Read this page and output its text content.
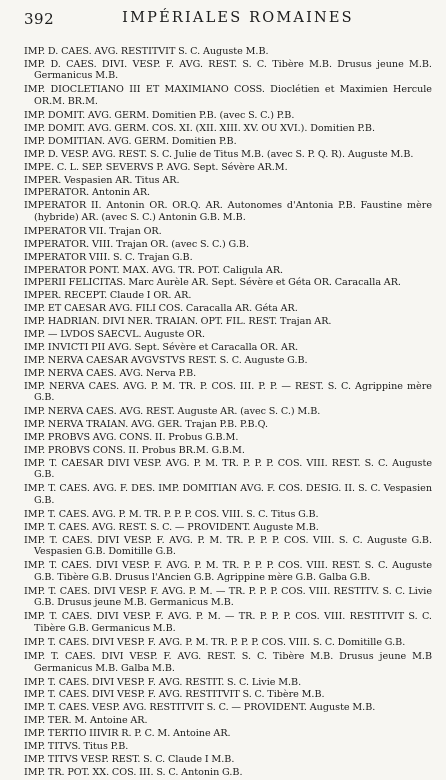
392	IMPÉRIALES ROMAINES

IMP. D. CAES. AVG. RESTITVIT S. C. Auguste M.B.

IMP. D. CAES. DIVI. VESP. F. AVG. REST. S. C. Tibère M.B. Drusus jeune M.B. Germanicus M.B.

IMP. DIOCLETIANO III ET MAXIMIANO COSS. Dioclétien et Maximien Hercule OR.M. BR.M.

IMP. DOMIT. AVG. GERM. Domitien P.B. (avec S. C.) P.B.

IMP. DOMIT. AVG. GERM. COS. XI. (XII. XIII. XV. OU XVI.). Domitien P.B.

IMP. DOMITIAN. AVG. GERM. Domitien P.B.

IMP. D. VESP. AVG. REST. S. C. Julie de Titus M.B. (avec S. P. Q. R). Auguste M.B.

IMPE. C. L. SEP. SEVERVS P. AVG. Sept. Sévère AR.M.

IMPER. Vespasien AR. Titus AR.

IMPERATOR. Antonin AR.

IMPERATOR II. Antonin OR. OR.Q. AR. Autonomes d'Antonia P.B. Faustine mère (hybride) AR. (avec S. C.) Antonin G.B. M.B.

IMPERATOR VII. Trajan OR.

IMPERATOR. VIII. Trajan OR. (avec S. C.) G.B.

IMPERATOR VIII. S. C. Trajan G.B.

IMPERATOR PONT. MAX. AVG. TR. POT. Caligula AR.

IMPERII FELICITAS. Marc Aurèle AR. Sept. Sévère et Géta OR. Caracalla AR.

IMPER. RECEPT. Claude I OR. AR.

IMP. ET CAESAR AVG. FILI COS. Caracalla AR. Géta AR.

IMP. HADRIAN. DIVI NER. TRAIAN. OPT. FIL. REST. Trajan AR.

IMP. — LVDOS SAECVL. Auguste OR.

IMP. INVICTI PII AVG. Sept. Sévère et Caracalla OR. AR.

IMP. NERVA CAESAR AVGVSTVS REST. S. C. Auguste G.B.

IMP. NERVA CAES. AVG. Nerva P.B.

IMP. NERVA CAES. AVG. P. M. TR. P. COS. III. P. P. — REST. S. C. Agrippine mère G.B.

IMP. NERVA CAES. AVG. REST. Auguste AR. (avec S. C.) M.B.

IMP. NERVA TRAIAN. AVG. GER. Trajan P.B. P.B.Q.

IMP. PROBVS AVG. CONS. II. Probus G.B.M.

IMP. PROBVS CONS. II. Probus BR.M. G.B.M.

IMP. T. CAESAR DIVI VESP. AVG. P. M. TR. P. P. P. COS. VIII. REST. S. C. Auguste G.B.

IMP. T. CAES. AVG. F. DES. IMP. DOMITIAN AVG. F. COS. DESIG. II. S. C. Vespasien G.B.

IMP. T. CAES. AVG. P. M. TR. P. P. P. COS. VIII. S. C. Titus G.B.

IMP. T. CAES. AVG. REST. S. C. — PROVIDENT. Auguste M.B.

IMP. T. CAES. DIVI VESP. F. AVG. P. M. TR. P. P. P. COS. VIII. S. C. Auguste G.B. Vespasien G.B. Domitille G.B.

IMP. T. CAES. DIVI VESP. F. AVG. P. M. TR. P. P. P. COS. VIII. REST. S. C. Auguste G.B. Tibère G.B. Drusus l'Ancien G.B. Agrippine mère G.B. Galba G.B.

IMP. T. CAES. DIVI VESP. F. AVG. P. M. — TR. P. P. P. COS. VIII. RESTITV. S. C. Livie G.B. Drusus jeune M.B. Germanicus M.B.

IMP. T. CAES. DIVI VESP. F. AVG. P. M. — TR. P. P. P. COS. VIII. RESTITVIT S. C. Tibère G.B. Germanicus M.B.

IMP. T. CAES. DIVI VESP. F. AVG. P. M. TR. P. P. P. COS. VIII. S. C. Domitille G.B.

IMP. T. CAES. DIVI VESP. F. AVG. REST. S. C. Tibère M.B. Drusus jeune M.B Germanicus M.B. Galba M.B.

IMP. T. CAES. DIVI VESP. F. AVG. RESTIT. S. C. Livie M.B.

IMP. T. CAES. DIVI VESP. F. AVG. RESTITVIT S. C. Tibère M.B.

IMP. T. CAES. VESP. AVG. RESTITVIT S. C. — PROVIDENT. Auguste M.B.

IMP. TER. M. Antoine AR.

IMP. TERTIO IIIVIR R. P. C. M. Antoine AR.

IMP. TITVS. Titus P.B.

IMP. TITVS VESP. REST. S. C. Claude I M.B.

IMP. TR. POT. XX. COS. III. S. C. Antonin G.B.
